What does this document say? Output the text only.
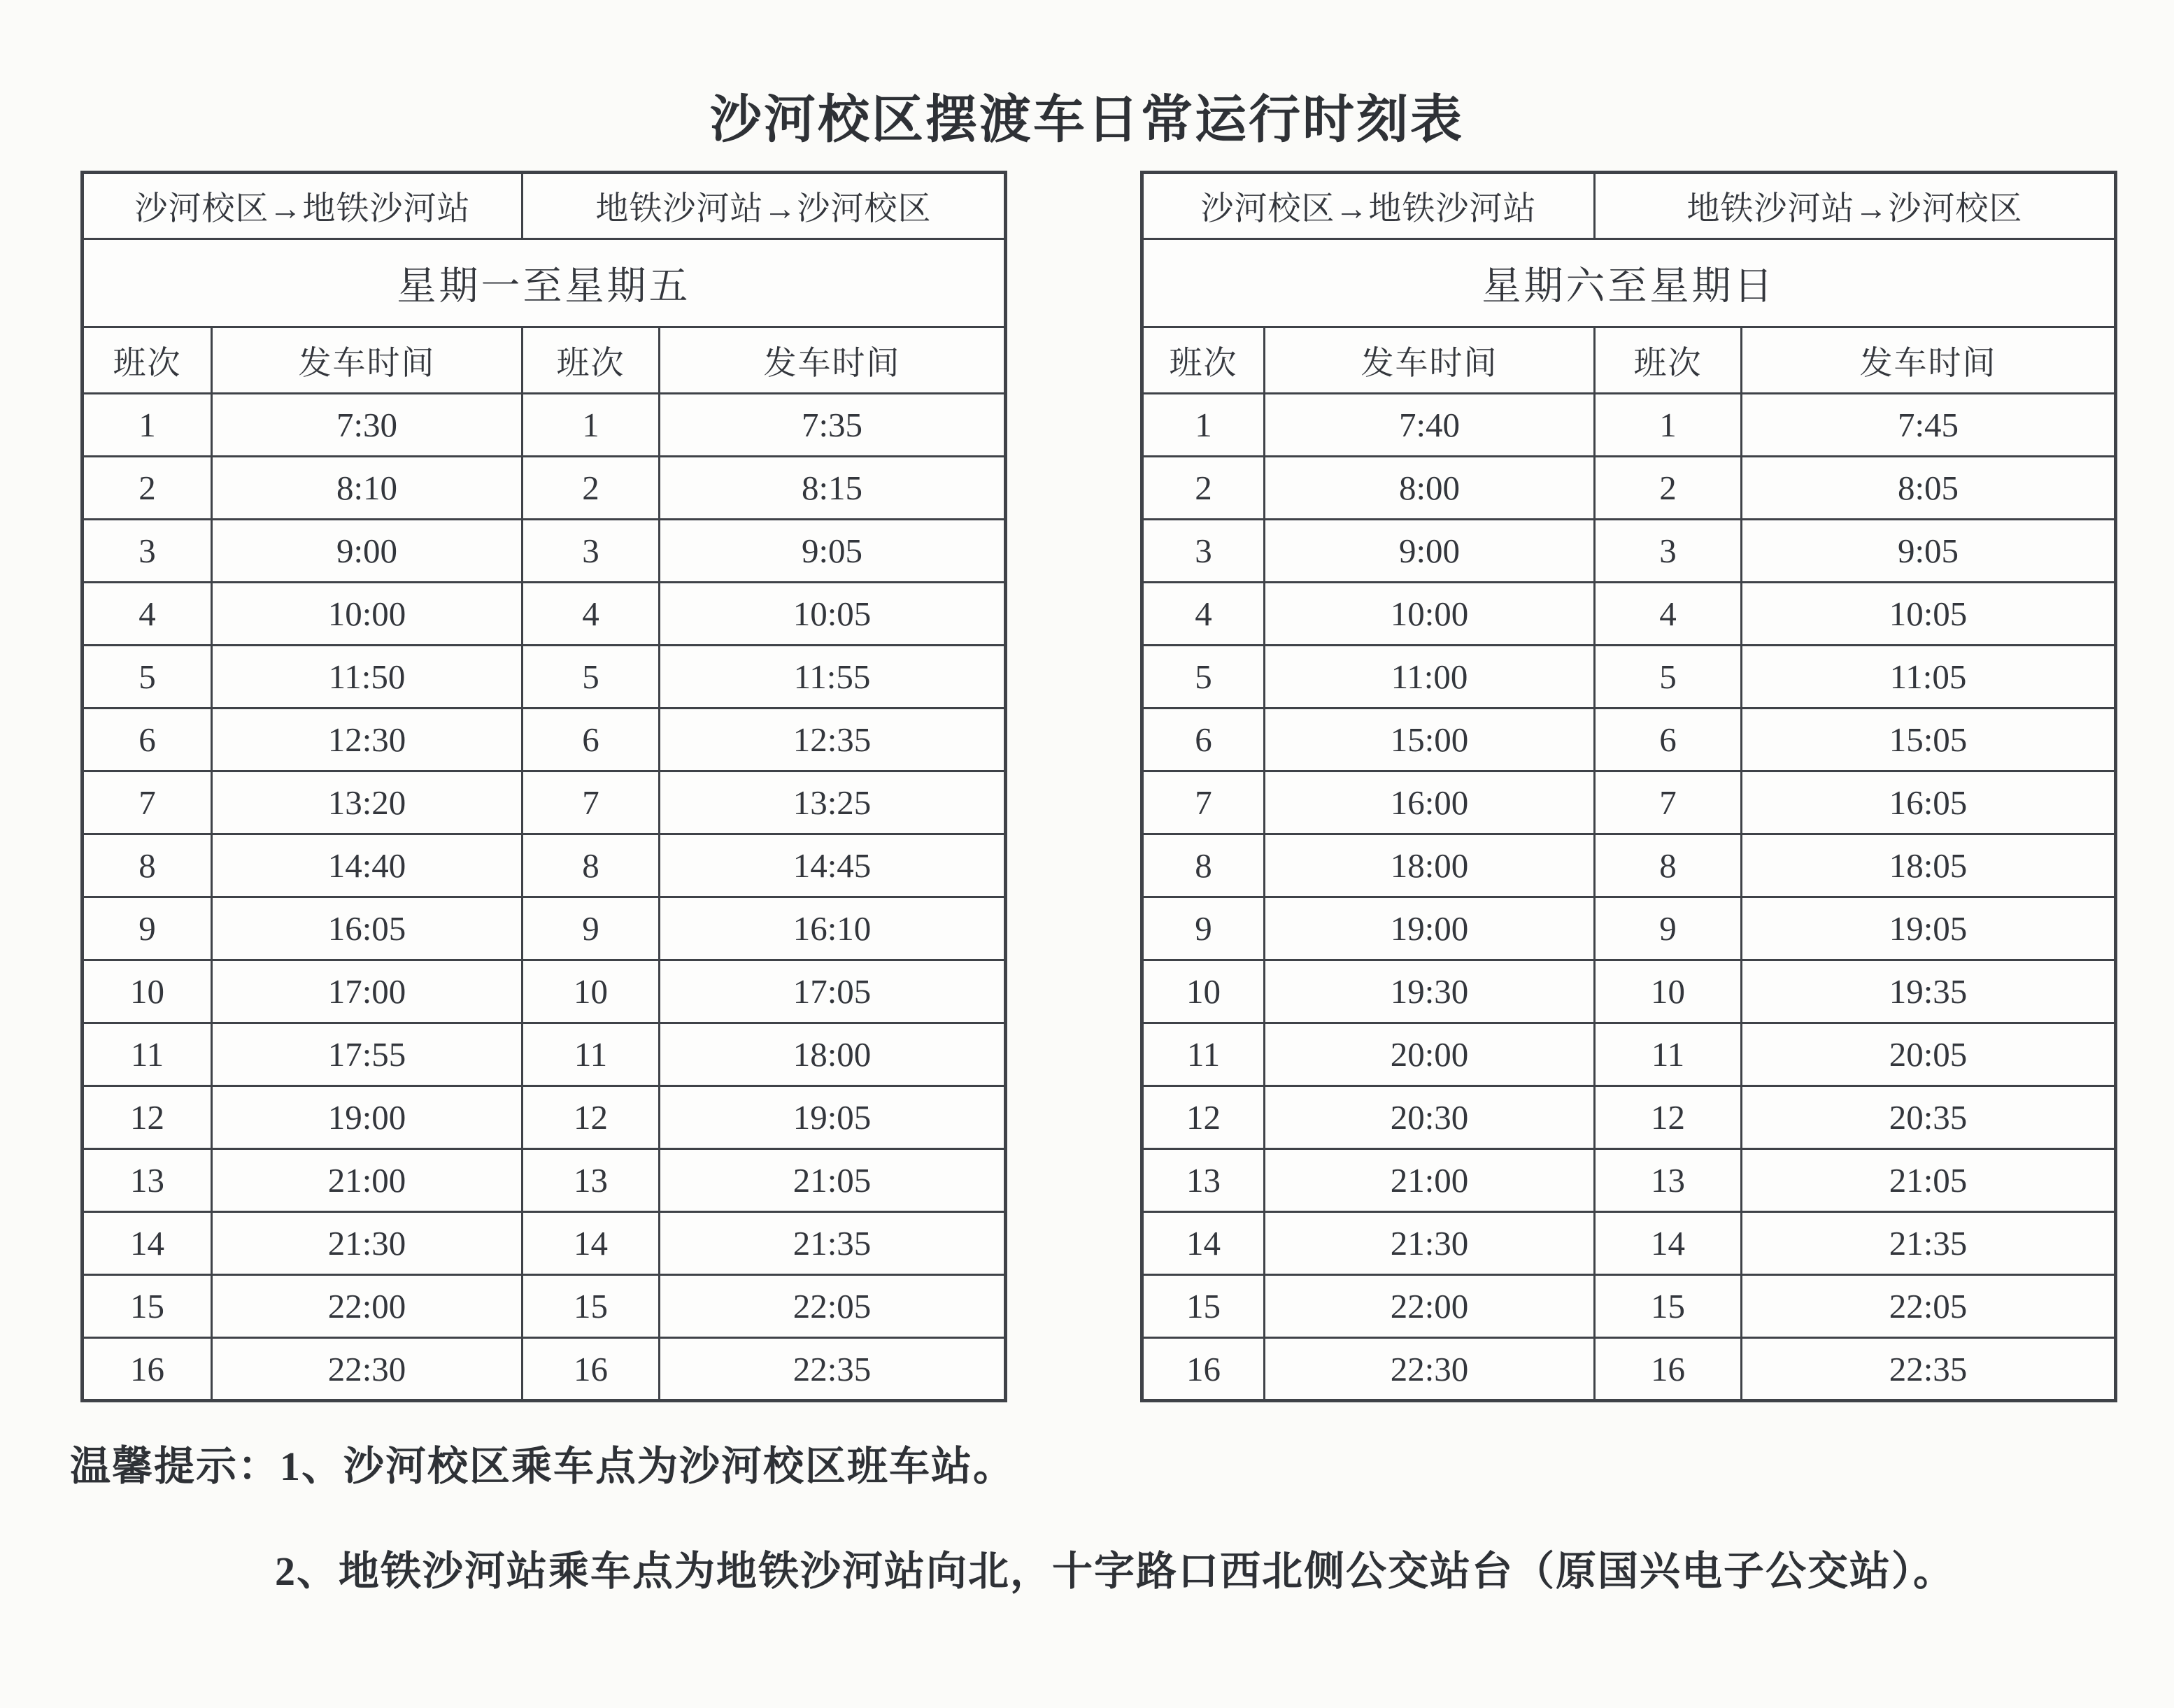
沙河校区摆渡车日常运行时刻表
沙河校区→地铁沙河站		地铁沙河站→沙河校区	
星期一至星期五			
班次	发车时间	班次	发车时间
1	7:30	1	7:35
2	8:10	2	8:15
3	9:00	3	9:05
4	10:00	4	10:05
5	11:50	5	11:55
6	12:30	6	12:35
7	13:20	7	13:25
8	14:40	8	14:45
9	16:05	9	16:10
10	17:00	10	17:05
11	17:55	11	18:00
12	19:00	12	19:05
13	21:00	13	21:05
14	21:30	14	21:35
15	22:00	15	22:05
16	22:30	16	22:35
沙河校区→地铁沙河站		地铁沙河站→沙河校区	
星期六至星期日			
班次	发车时间	班次	发车时间
1	7:40	1	7:45
2	8:00	2	8:05
3	9:00	3	9:05
4	10:00	4	10:05
5	11:00	5	11:05
6	15:00	6	15:05
7	16:00	7	16:05
8	18:00	8	18:05
9	19:00	9	19:05
10	19:30	10	19:35
11	20:00	11	20:05
12	20:30	12	20:35
13	21:00	13	21:05
14	21:30	14	21:35
15	22:00	15	22:05
16	22:30	16	22:35

温馨提示：1、沙河校区乘车点为沙河校区班车站。

2、地铁沙河站乘车点为地铁沙河站向北，十字路口西北侧公交站台（原国兴电子公交站）。
